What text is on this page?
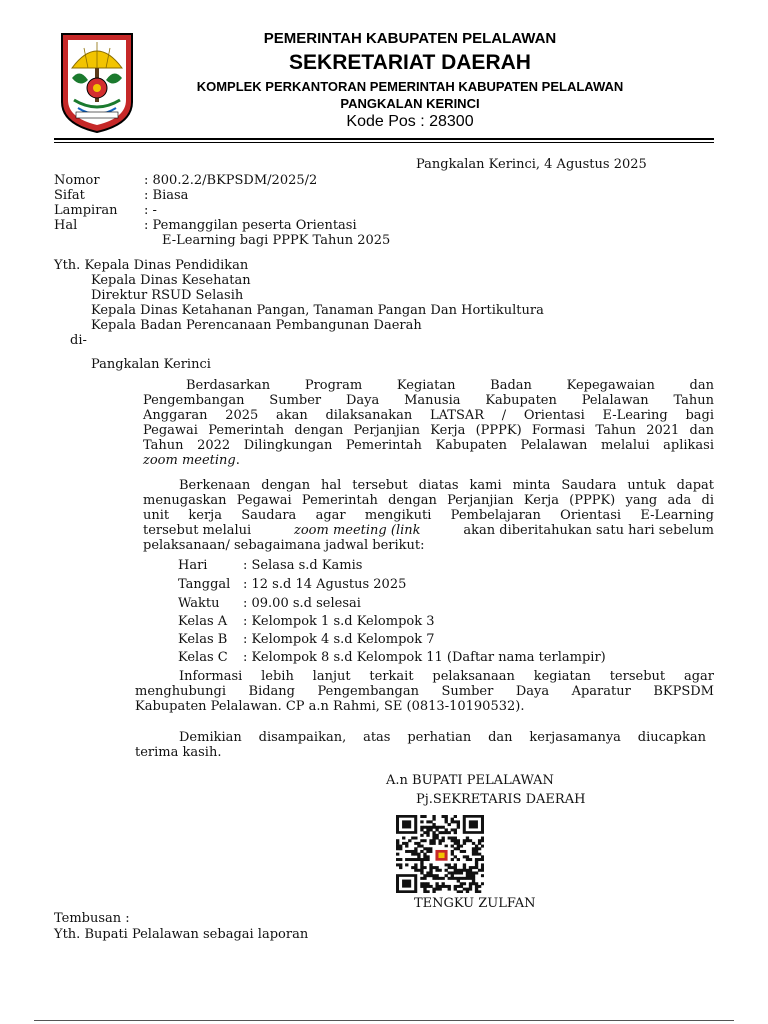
PEMERINTAH KABUPATEN PELALAWAN
SEKRETARIAT DAERAH
KOMPLEK PERKANTORAN PEMERINTAH KABUPATEN PELALAWAN
PANGKALAN KERINCI
Kode Pos : 28300
Pangkalan Kerinci, 4 Agustus 2025
Nomor	: 800.2.2/BKPSDM/2025/2
Sifat	: Biasa
Lampiran : -
Hal	: Pemanggilan peserta Orientasi
E-Learning bagi PPPK Tahun 2025
Yth. Kepala Dinas Pendidikan
Kepala Dinas Kesehatan
Direktur RSUD Selasih
Kepala Dinas Ketahanan Pangan, Tanaman Pangan Dan Hortikultura
Kepala Badan Perencanaan Pembangunan Daerah
di-
Pangkalan Kerinci
Berdasarkan Program Kegiatan Badan Kepegawaian dan
Pengembangan Sumber Daya Manusia Kabupaten Pelalawan Tahun
Anggaran 2025 akan dilaksanakan LATSAR / Orientasi E-Learing bagi
Pegawai Pemerintah dengan Perjanjian Kerja (PPPK) Formasi Tahun 2021 dan
Tahun 2022 Dilingkungan Pemerintah Kabupaten Pelalawan melalui aplikasi
zoom meeting.
Berkenaan dengan hal tersebut diatas kami minta Saudara untuk dapat
menugaskan Pegawai Pemerintah dengan Perjanjian Kerja (PPPK) yang ada di
unit kerja Saudara agar mengikuti Pembelajaran Orientasi E-Learning
tersebut melalui	zoom meeting (link	akan diberitahukan satu hari sebelum
pelaksanaan/ sebagaimana jadwal berikut:
Hari	: Selasa s.d Kamis
Tanggal : 12 s.d 14 Agustus 2025
Waktu : 09.00 s.d selesai
Kelas A : Kelompok 1 s.d Kelompok 3
Kelas B : Kelompok 4 s.d Kelompok 7
Kelas C : Kelompok 8 s.d Kelompok 11 (Daftar nama terlampir)
Informasi lebih lanjut terkait pelaksanaan kegiatan tersebut agar
menghubungi Bidang Pengembangan Sumber Daya Aparatur BKPSDM
Kabupaten Pelalawan. CP a.n Rahmi, SE (0813-10190532).
Demikian disampaikan, atas perhatian dan kerjasamanya diucapkan
terima kasih.
A.n BUPATI PELALAWAN
Pj.SEKRETARIS DAERAH
TENGKU ZULFAN
Tembusan :
Yth. Bupati Pelalawan sebagai laporan
